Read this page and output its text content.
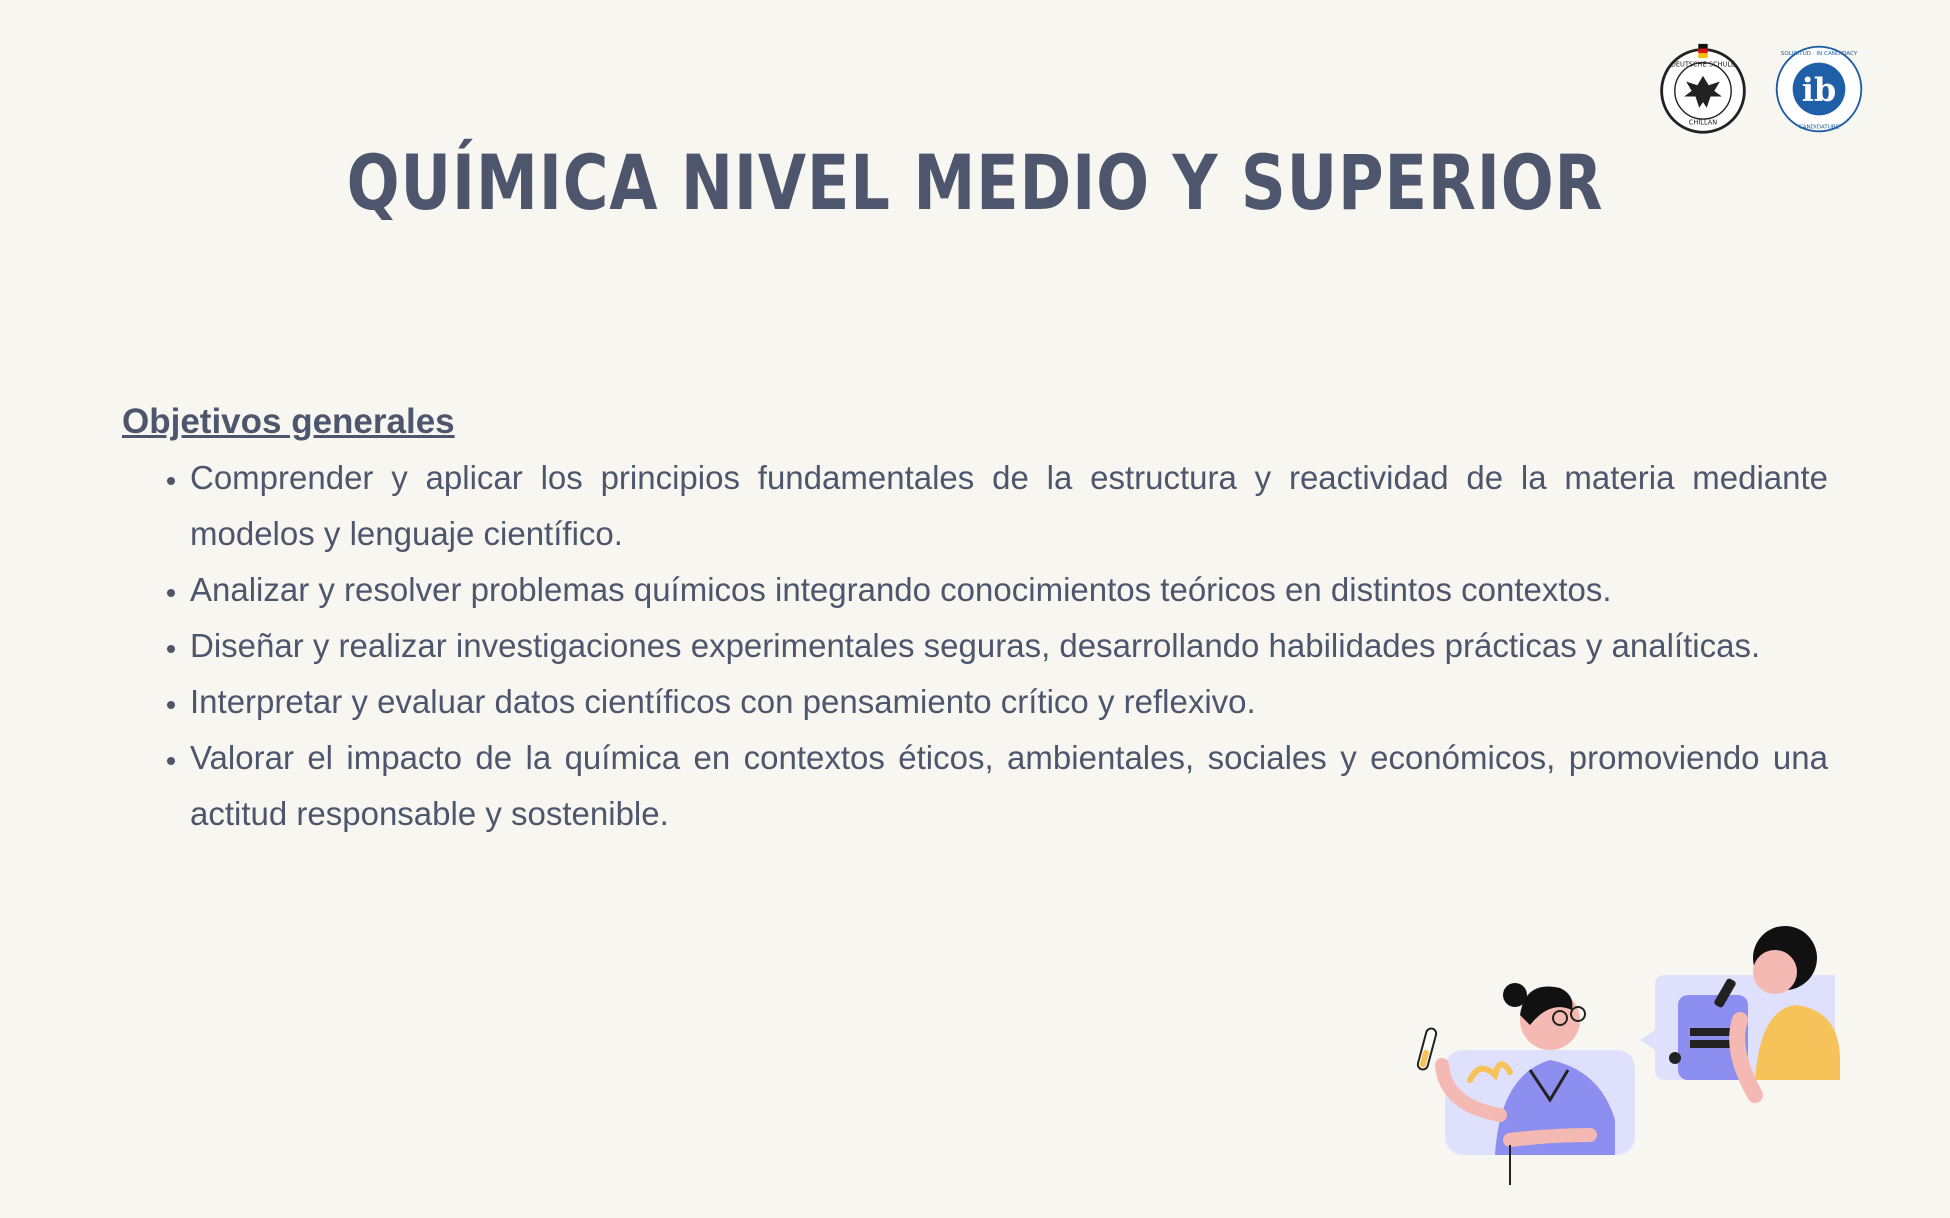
DEUTSCHE SCHULE
CHILLÁN
ib
SOLICITUD · IN CANDIDACY
CANDIDATURE
QUÍMICA NIVEL MEDIO Y SUPERIOR
Objetivos generales
• Comprender y aplicar los principios fundamentales de la estructura y reactividad de la materia mediante modelos y lenguaje científico.
• Analizar y resolver problemas químicos integrando conocimientos teóricos en distintos contextos.
• Diseñar y realizar investigaciones experimentales seguras, desarrollando habilidades prácticas y analíticas.
• Interpretar y evaluar datos científicos con pensamiento crítico y reflexivo.
• Valorar el impacto de la química en contextos éticos, ambientales, sociales y económicos, promoviendo una actitud responsable y sostenible.
